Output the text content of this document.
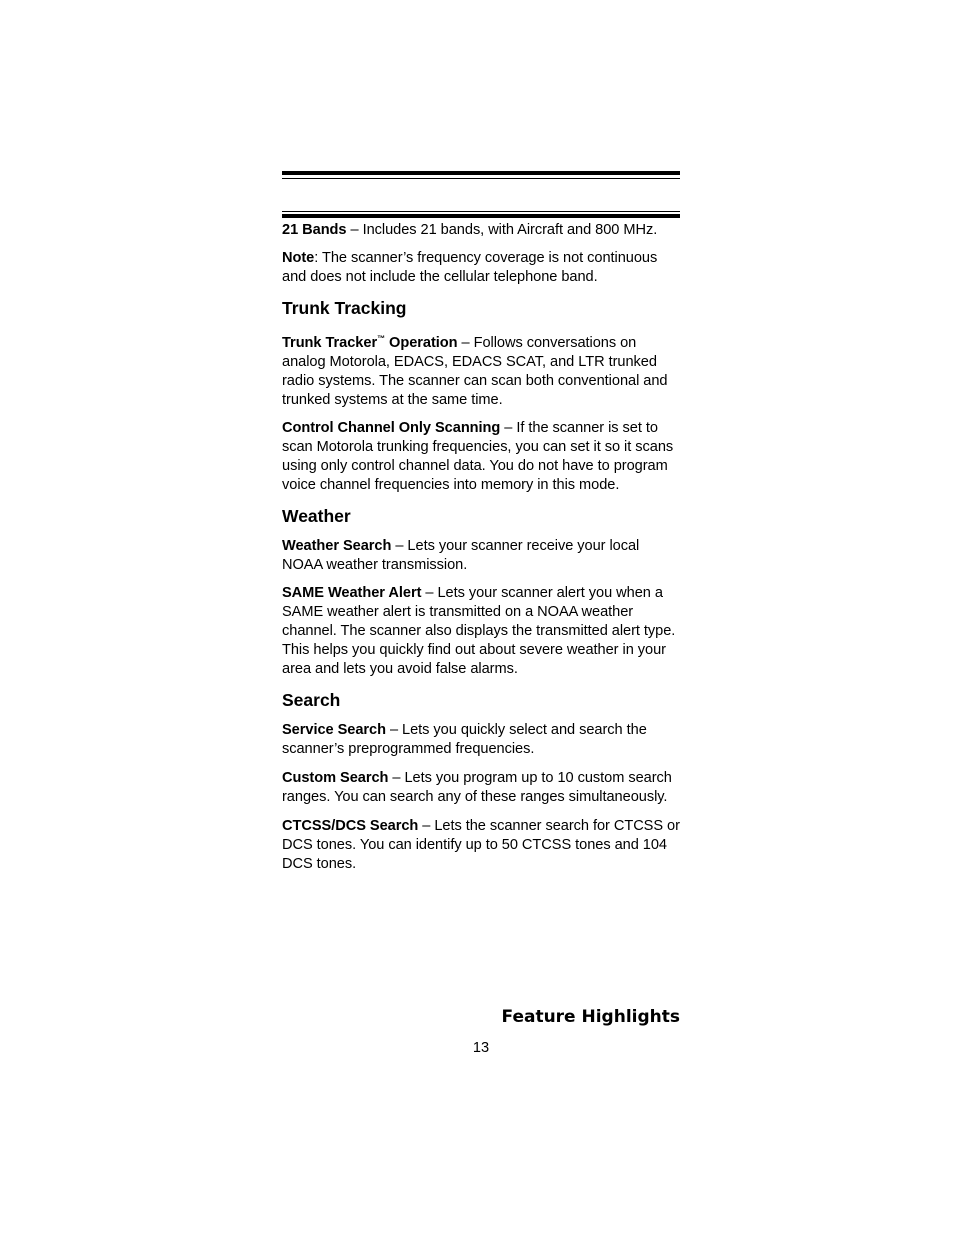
21 Bands – Includes 21 bands, with Aircraft and 800 MHz.

Note: The scanner’s frequency coverage is not continuous and does not include the cellular telephone band.

Trunk Tracking

Trunk Tracker™ Operation – Follows conversations on analog Motorola, EDACS, EDACS SCAT, and LTR trunked radio systems. The scanner can scan both conventional and trunked systems at the same time.

Control Channel Only Scanning – If the scanner is set to scan Motorola trunking frequencies, you can set it so it scans using only control channel data. You do not have to program voice channel frequencies into memory in this mode.

Weather

Weather Search – Lets your scanner receive your local NOAA weather transmission.

SAME Weather Alert – Lets your scanner alert you when a SAME weather alert is transmitted on a NOAA weather channel. The scanner also displays the transmitted alert type. This helps you quickly find out about severe weather in your area and lets you avoid false alarms.

Search

Service Search – Lets you quickly select and search the scanner’s preprogrammed frequencies.

Custom Search – Lets you program up to 10 custom search ranges. You can search any of these ranges simultaneously.

CTCSS/DCS Search – Lets the scanner search for CTCSS or DCS tones. You can identify up to 50 CTCSS tones and 104 DCS tones.

Feature Highlights
13
